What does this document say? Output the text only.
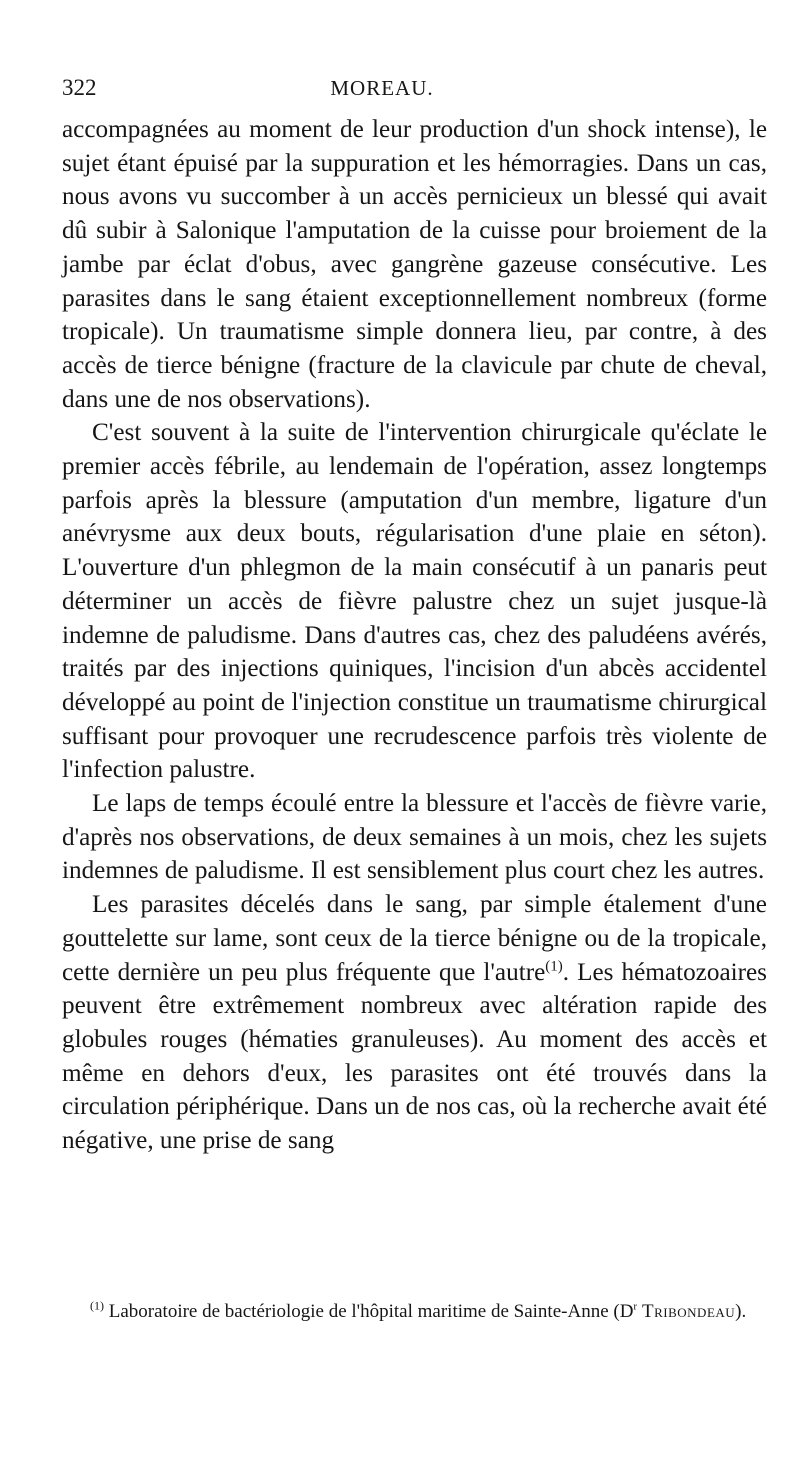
322	MOREAU.

accompagnées au moment de leur production d'un shock intense), le sujet étant épuisé par la suppuration et les hémorragies. Dans un cas, nous avons vu succomber à un accès pernicieux un blessé qui avait dû subir à Salonique l'amputation de la cuisse pour broiement de la jambe par éclat d'obus, avec gangrène gazeuse consécutive. Les parasites dans le sang étaient exceptionnellement nombreux (forme tropicale). Un traumatisme simple donnera lieu, par contre, à des accès de tierce bénigne (fracture de la clavicule par chute de cheval, dans une de nos observations).

C'est souvent à la suite de l'intervention chirurgicale qu'éclate le premier accès fébrile, au lendemain de l'opération, assez longtemps parfois après la blessure (amputation d'un membre, ligature d'un anévrysme aux deux bouts, régularisation d'une plaie en séton). L'ouverture d'un phlegmon de la main consécutif à un panaris peut déterminer un accès de fièvre palustre chez un sujet jusque-là indemne de paludisme. Dans d'autres cas, chez des paludéens avérés, traités par des injections quiniques, l'incision d'un abcès accidentel développé au point de l'injection constitue un traumatisme chirurgical suffisant pour provoquer une recrudescence parfois très violente de l'infection palustre.

Le laps de temps écoulé entre la blessure et l'accès de fièvre varie, d'après nos observations, de deux semaines à un mois, chez les sujets indemnes de paludisme. Il est sensiblement plus court chez les autres.

Les parasites décelés dans le sang, par simple étalement d'une gouttelette sur lame, sont ceux de la tierce bénigne ou de la tropicale, cette dernière un peu plus fréquente que l'autre$^{(1)}$. Les hématozoaires peuvent être extrêmement nombreux avec altération rapide des globules rouges (hématies granuleuses). Au moment des accès et même en dehors d'eux, les parasites ont été trouvés dans la circulation périphérique. Dans un de nos cas, où la recherche avait été négative, une prise de sang

$^{(1)}$ Laboratoire de bactériologie de l'hôpital maritime de Sainte-Anne ($D^r$ Tribondeau).
